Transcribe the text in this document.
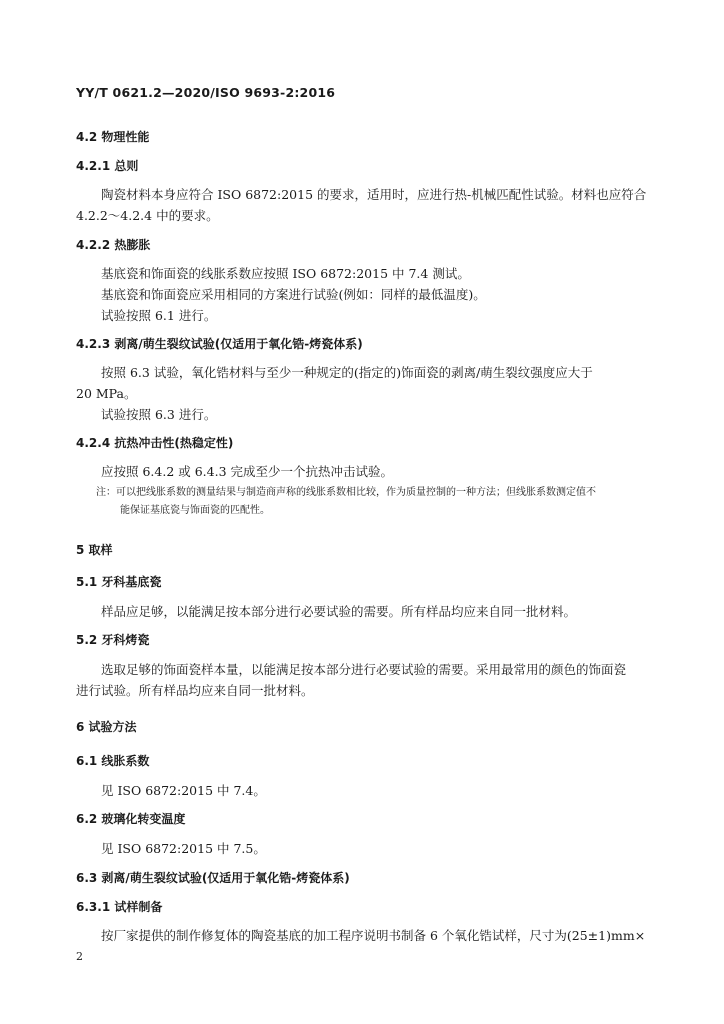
YY/T 0621.2—2020/ISO 9693-2:2016
4.2 物理性能
4.2.1 总则
陶瓷材料本身应符合 ISO 6872:2015 的要求，适用时，应进行热-机械匹配性试验。材料也应符合
4.2.2～4.2.4 中的要求。
4.2.2 热膨胀
基底瓷和饰面瓷的线胀系数应按照 ISO 6872:2015 中 7.4 测试。
基底瓷和饰面瓷应采用相同的方案进行试验(例如：同样的最低温度)。
试验按照 6.1 进行。
4.2.3 剥离/萌生裂纹试验(仅适用于氧化锆-烤瓷体系)
按照 6.3 试验，氧化锆材料与至少一种规定的(指定的)饰面瓷的剥离/萌生裂纹强度应大于
20 MPa。
试验按照 6.3 进行。
4.2.4 抗热冲击性(热稳定性)
应按照 6.4.2 或 6.4.3 完成至少一个抗热冲击试验。
注：可以把线胀系数的测量结果与制造商声称的线胀系数相比较，作为质量控制的一种方法；但线胀系数测定值不
能保证基底瓷与饰面瓷的匹配性。
5 取样
5.1 牙科基底瓷
样品应足够，以能满足按本部分进行必要试验的需要。所有样品均应来自同一批材料。
5.2 牙科烤瓷
选取足够的饰面瓷样本量，以能满足按本部分进行必要试验的需要。采用最常用的颜色的饰面瓷
进行试验。所有样品均应来自同一批材料。
6 试验方法
6.1 线胀系数
见 ISO 6872:2015 中 7.4。
6.2 玻璃化转变温度
见 ISO 6872:2015 中 7.5。
6.3 剥离/萌生裂纹试验(仅适用于氧化锆-烤瓷体系)
6.3.1 试样制备
按厂家提供的制作修复体的陶瓷基底的加工程序说明书制备 6 个氧化锆试样，尺寸为(25±1)mm×
2
